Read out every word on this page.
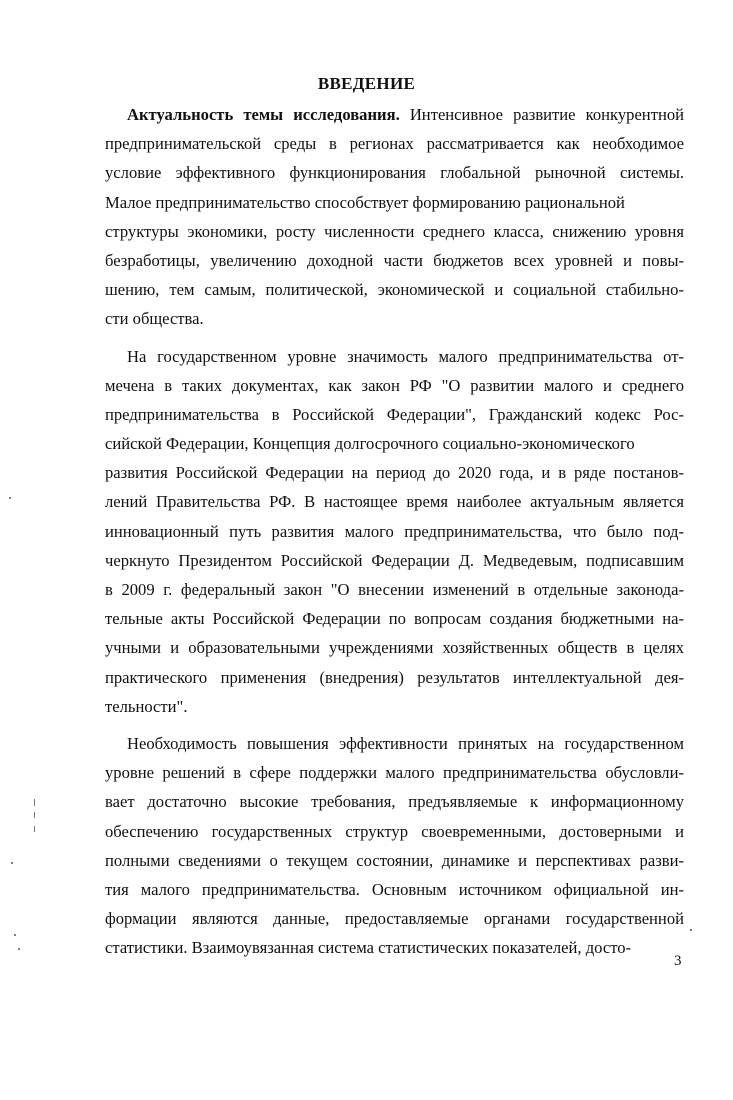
ВВЕДЕНИЕ
Актуальность темы исследования. Интенсивное развитие конкурентной
предпринимательской среды в регионах рассматривается как необходимое
условие эффективного функционирования глобальной рыночной системы.
Малое предпринимательство способствует формированию рациональной
структуры экономики, росту численности среднего класса, снижению уровня
безработицы, увеличению доходной части бюджетов всех уровней и повы-
шению, тем самым, политической, экономической и социальной стабильно-
сти общества.
На государственном уровне значимость малого предпринимательства от-
мечена в таких документах, как закон РФ "О развитии малого и среднего
предпринимательства в Российской Федерации", Гражданский кодекс Рос-
сийской Федерации, Концепция долгосрочного социально-экономического
развития Российской Федерации на период до 2020 года, и в ряде постанов-
лений Правительства РФ. В настоящее время наиболее актуальным является
инновационный путь развития малого предпринимательства, что было под-
черкнуто Президентом Российской Федерации Д. Медведевым, подписавшим
в 2009 г. федеральный закон "О внесении изменений в отдельные законода-
тельные акты Российской Федерации по вопросам создания бюджетными на-
учными и образовательными учреждениями хозяйственных обществ в целях
практического применения (внедрения) результатов интеллектуальной дея-
тельности".
Необходимость повышения эффективности принятых на государственном
уровне решений в сфере поддержки малого предпринимательства обусловли-
вает достаточно высокие требования, предъявляемые к информационному
обеспечению государственных структур своевременными, достоверными и
полными сведениями о текущем состоянии, динамике и перспективах разви-
тия малого предпринимательства. Основным источником официальной ин-
формации являются данные, предоставляемые органами государственной
статистики. Взаимоувязанная система статистических показателей, досто-
3
